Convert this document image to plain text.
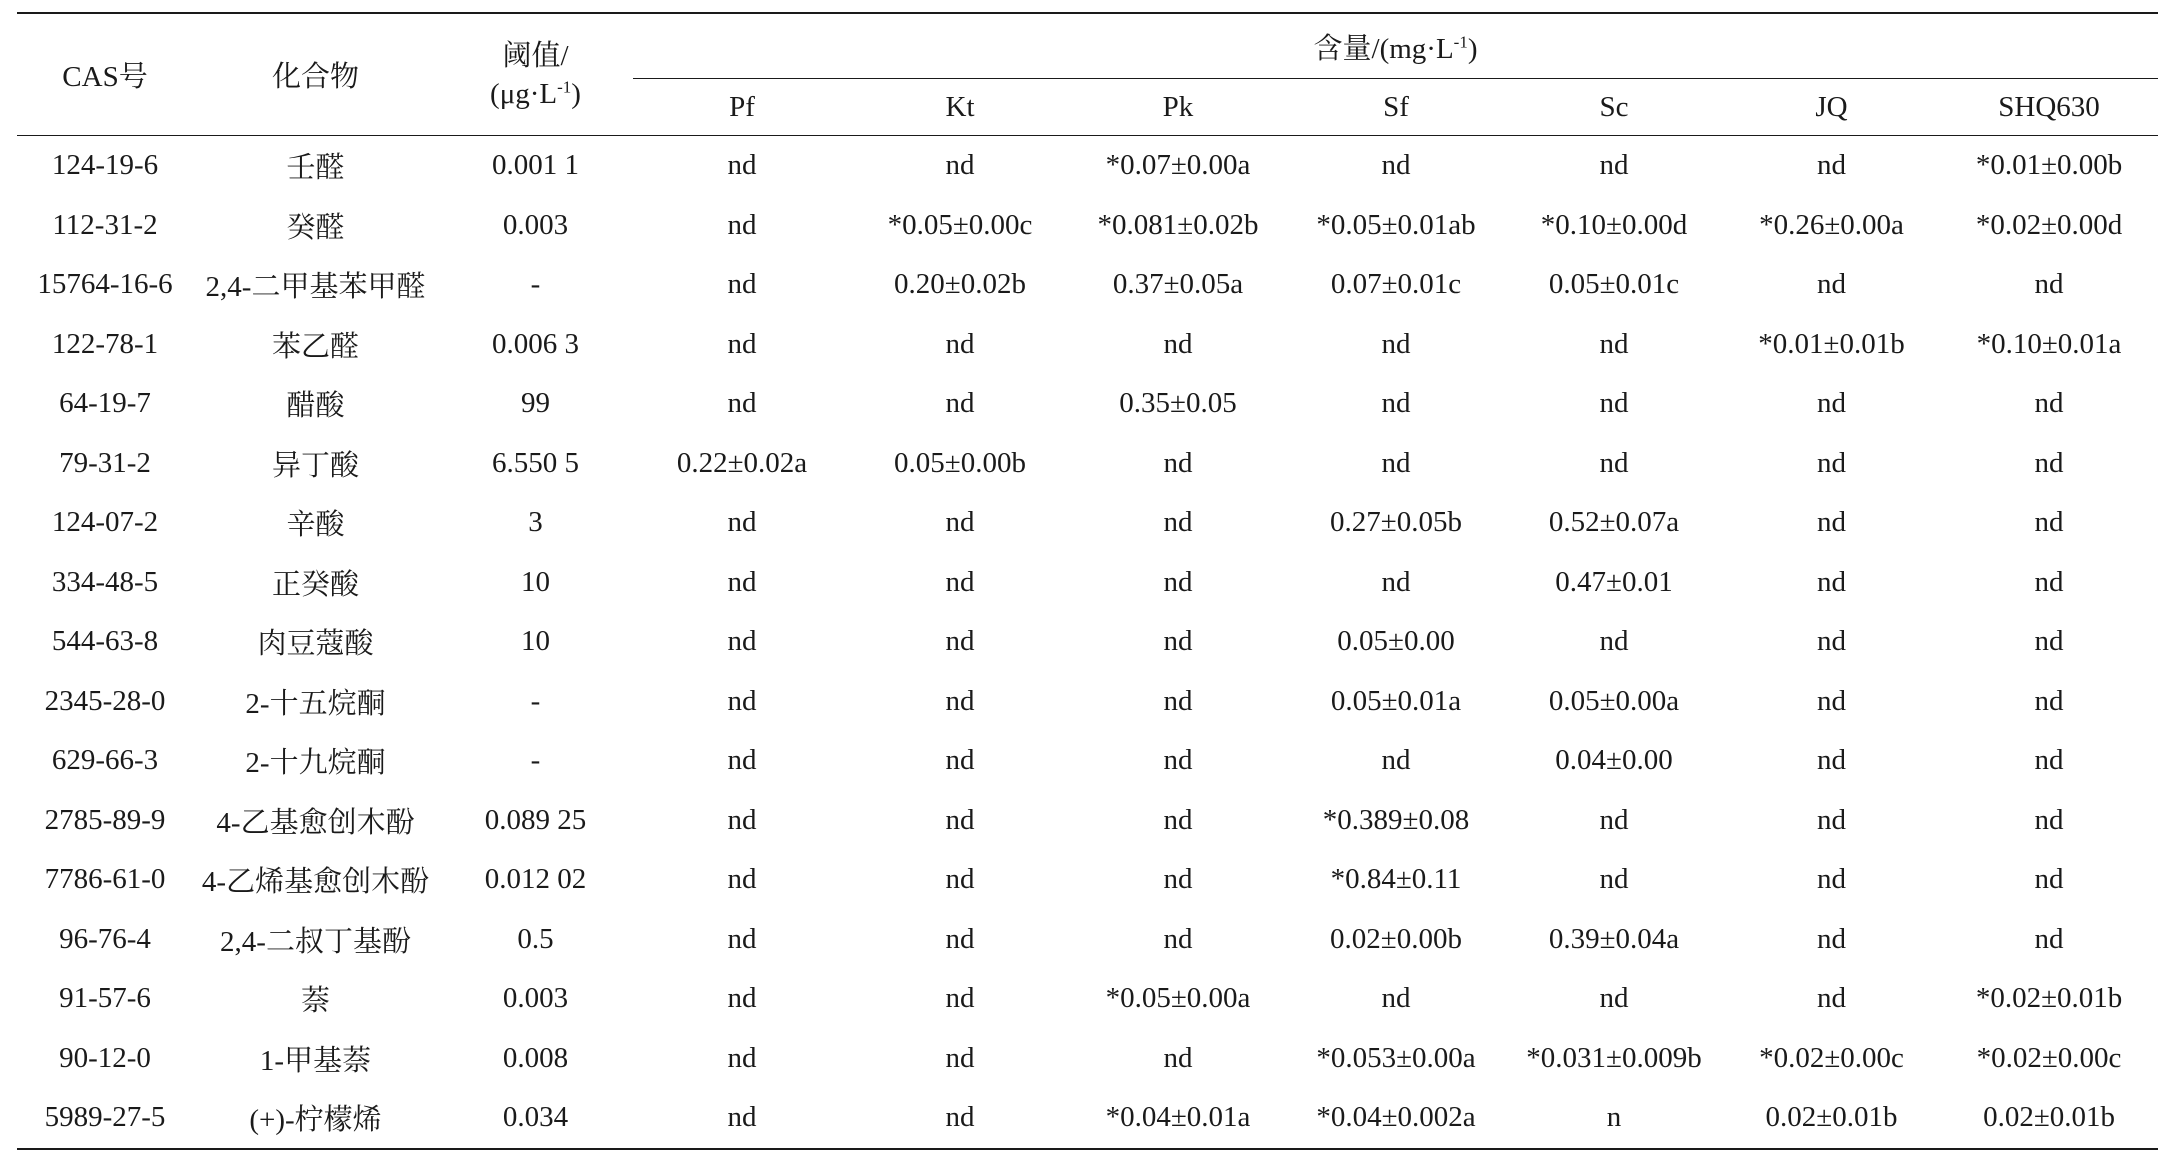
CAS号	化合物	阈值/
$(\mu g\cdot L^{-1})$	含量$/(mg\cdot L^{-1})$						
			Pf	Kt	Pk	Sf	Sc	JQ	SHQ630
124-19-6	壬醛	0.001 1	nd	nd	*0.07±0.00a	nd	nd	nd	*0.01±0.00b
112-31-2	癸醛	0.003	nd	*0.05±0.00c	*0.081±0.02b	*0.05±0.01ab	*0.10±0.00d	*0.26±0.00a	*0.02±0.00d
15764-16-6	2,4-二甲基苯甲醛	-	nd	0.20±0.02b	0.37±0.05a	0.07±0.01c	0.05±0.01c	nd	nd
122-78-1	苯乙醛	0.006 3	nd	nd	nd	nd	nd	*0.01±0.01b	*0.10±0.01a
64-19-7	醋酸	99	nd	nd	0.35±0.05	nd	nd	nd	nd
79-31-2	异丁酸	6.550 5	0.22±0.02a	0.05±0.00b	nd	nd	nd	nd	nd
124-07-2	辛酸	3	nd	nd	nd	0.27±0.05b	0.52±0.07a	nd	nd
334-48-5	正癸酸	10	nd	nd	nd	nd	0.47±0.01	nd	nd
544-63-8	肉豆蔻酸	10	nd	nd	nd	0.05±0.00	nd	nd	nd
2345-28-0	2-十五烷酮	-	nd	nd	nd	0.05±0.01a	0.05±0.00a	nd	nd
629-66-3	2-十九烷酮	-	nd	nd	nd	nd	0.04±0.00	nd	nd
2785-89-9	4-乙基愈创木酚	0.089 25	nd	nd	nd	*0.389±0.08	nd	nd	nd
7786-61-0	4-乙烯基愈创木酚	0.012 02	nd	nd	nd	*0.84±0.11	nd	nd	nd
96-76-4	2,4-二叔丁基酚	0.5	nd	nd	nd	0.02±0.00b	0.39±0.04a	nd	nd
91-57-6	萘	0.003	nd	nd	*0.05±0.00a	nd	nd	nd	*0.02±0.01b
90-12-0	1-甲基萘	0.008	nd	nd	nd	*0.053±0.00a	*0.031±0.009b	*0.02±0.00c	*0.02±0.00c
5989-27-5	(+)-柠檬烯	0.034	nd	nd	*0.04±0.01a	*0.04±0.002a	n	0.02±0.01b	0.02±0.01b
